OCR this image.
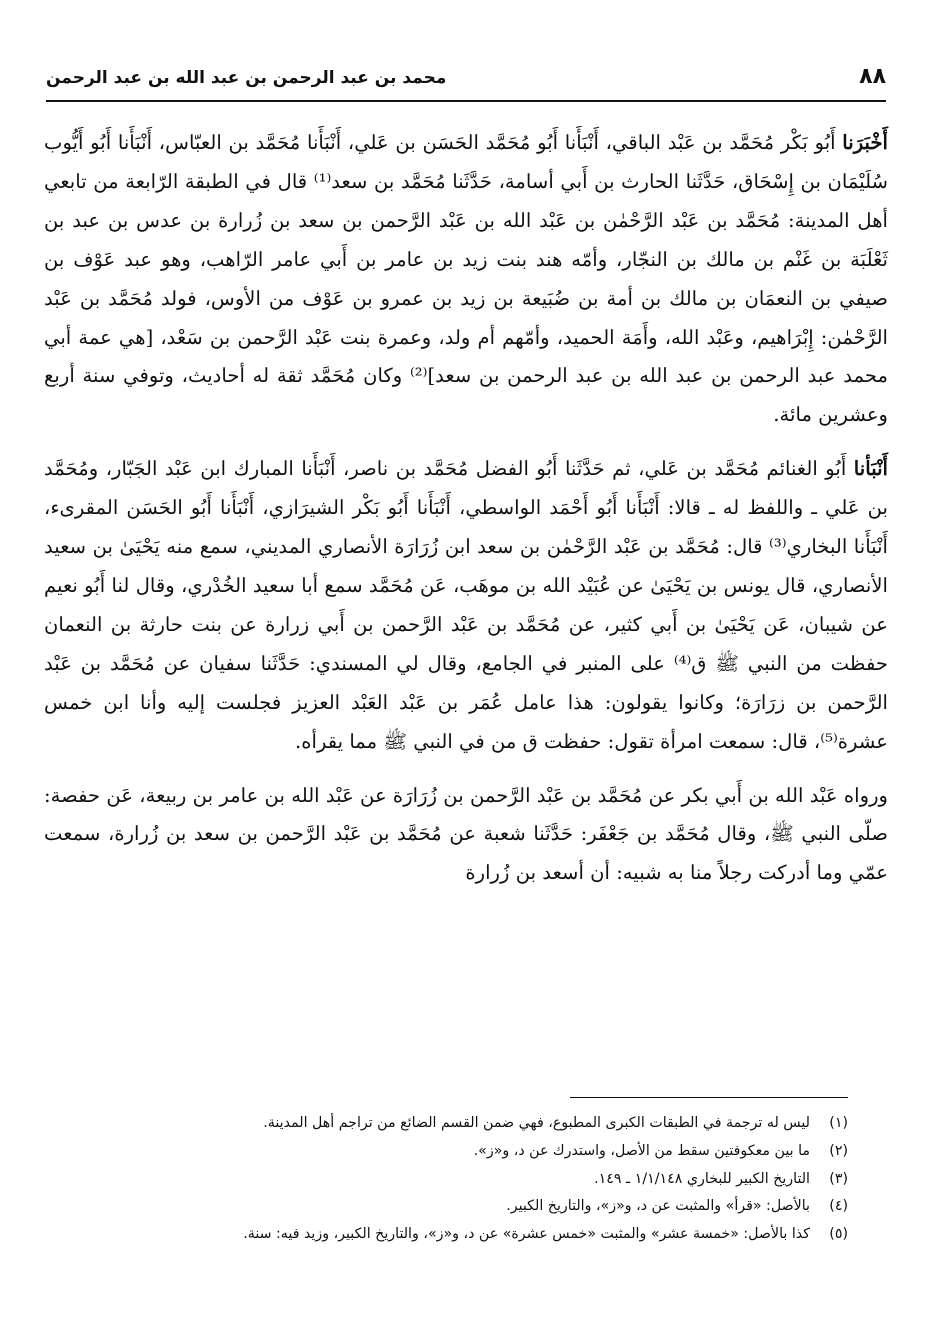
٨٨
محمد بن عبد الرحمن بن عبد الله بن عبد الرحمن

أَخْبَرَنا أَبُو بَكْر مُحَمَّد بن عَبْد الباقي، أَنْبَأَنا أَبُو مُحَمَّد الحَسَن بن عَلي، أَنْبَأَنا مُحَمَّد بن العبّاس، أَنْبَأَنا أَبُو أَيُّوب سُلَيْمَان بن إِسْحَاق، حَدَّثَنا الحارث بن أَبي أسامة، حَدَّثَنا مُحَمَّد بن سعد⁽¹⁾ قال في الطبقة الرّابعة من تابعي أهل المدينة: مُحَمَّد بن عَبْد الرَّحْمٰن بن عَبْد الله بن عَبْد الرَّحمن بن سعد بن زُرارة بن عدس بن عبد بن ثَعْلَبَة بن غَنْم بن مالك بن النجّار، وأمّه هند بنت زيد بن عامر بن أَبي عامر الرّاهب، وهو عبد عَوْف بن صيفي بن النعمَان بن مالك بن أمة بن ضُبَيعة بن زيد بن عمرو بن عَوْف من الأوس، فولد مُحَمَّد بن عَبْد الرَّحْمٰن: إِبْرَاهيم، وعَبْد الله، وأَمَة الحميد، وأمّهم أم ولد، وعمرة بنت عَبْد الرَّحمن بن سَعْد، [هي عمة أبي محمد عبد الرحمن بن عبد الله بن عبد الرحمن بن سعد]⁽²⁾ وكان مُحَمَّد ثقة له أحاديث، وتوفي سنة أربع وعشرين مائة.

أَنْبَأنا أَبُو الغنائم مُحَمَّد بن عَلي، ثم حَدَّثَنا أَبُو الفضل مُحَمَّد بن ناصر، أَنْبَأَنا المبارك ابن عَبْد الجَبّار، ومُحَمَّد بن عَلي ـ واللفظ له ـ قالا: أَنْبَأَنا أَبُو أَحْمَد الواسطي، أَنْبَأَنا أَبُو بَكْر الشيرَازي، أَنْبَأَنا أَبُو الحَسَن المقرىء، أَنْبَأَنا البخاري⁽³⁾ قال: مُحَمَّد بن عَبْد الرَّحْمٰن بن سعد ابن زُرَارَة الأنصاري المديني، سمع منه يَحْيَىٰ بن سعيد الأنصاري، قال يونس بن يَحْيَىٰ عن عُبَيْد الله بن موهَب، عَن مُحَمَّد سمع أبا سعيد الخُدْري، وقال لنا أَبُو نعيم عن شيبان، عَن يَحْيَىٰ بن أَبي كثير، عن مُحَمَّد بن عَبْد الرَّحمن بن أَبي زرارة عن بنت حارثة بن النعمان حفظت من النبي ﷺ ق⁽⁴⁾ على المنبر في الجامع، وقال لي المسندي: حَدَّثَنا سفيان عن مُحَمَّد بن عَبْد الرَّحمن بن زرَارَة؛ وكانوا يقولون: هذا عامل عُمَر بن عَبْد العَبْد العزيز فجلست إليه وأنا ابن خمس عشرة⁽⁵⁾، قال: سمعت امرأة تقول: حفظت ق من في النبي ﷺ مما يقرأه.

ورواه عَبْد الله بن أَبي بكر عن مُحَمَّد بن عَبْد الرَّحمن بن زُرَارَة عن عَبْد الله بن عامر بن ربيعة، عَن حفصة: صلّى النبي ﷺ، وقال مُحَمَّد بن جَعْفَر: حَدَّثَنا شعبة عن مُحَمَّد بن عَبْد الرَّحمن بن سعد بن زُرارة، سمعت عمّي وما أدركت رجلاً منا به شبيه: أن أسعد بن زُرارة

(١)
ليس له ترجمة في الطبقات الكبرى المطبوع، فهي ضمن القسم الضائع من تراجم أهل المدينة.
(٢)
ما بين معكوفتين سقط من الأصل، واستدرك عن د، و«ز».
(٣)
التاريخ الكبير للبخاري ١/١/١٤٨ ـ ١٤٩.
(٤)
بالأصل: «قرأ» والمثبت عن د، و«ز»، والتاريخ الكبير.
(٥)
كذا بالأصل: «خمسة عشر» والمثبت «خمس عشرة» عن د، و«ز»، والتاريخ الكبير، وزيد فيه: سنة.
